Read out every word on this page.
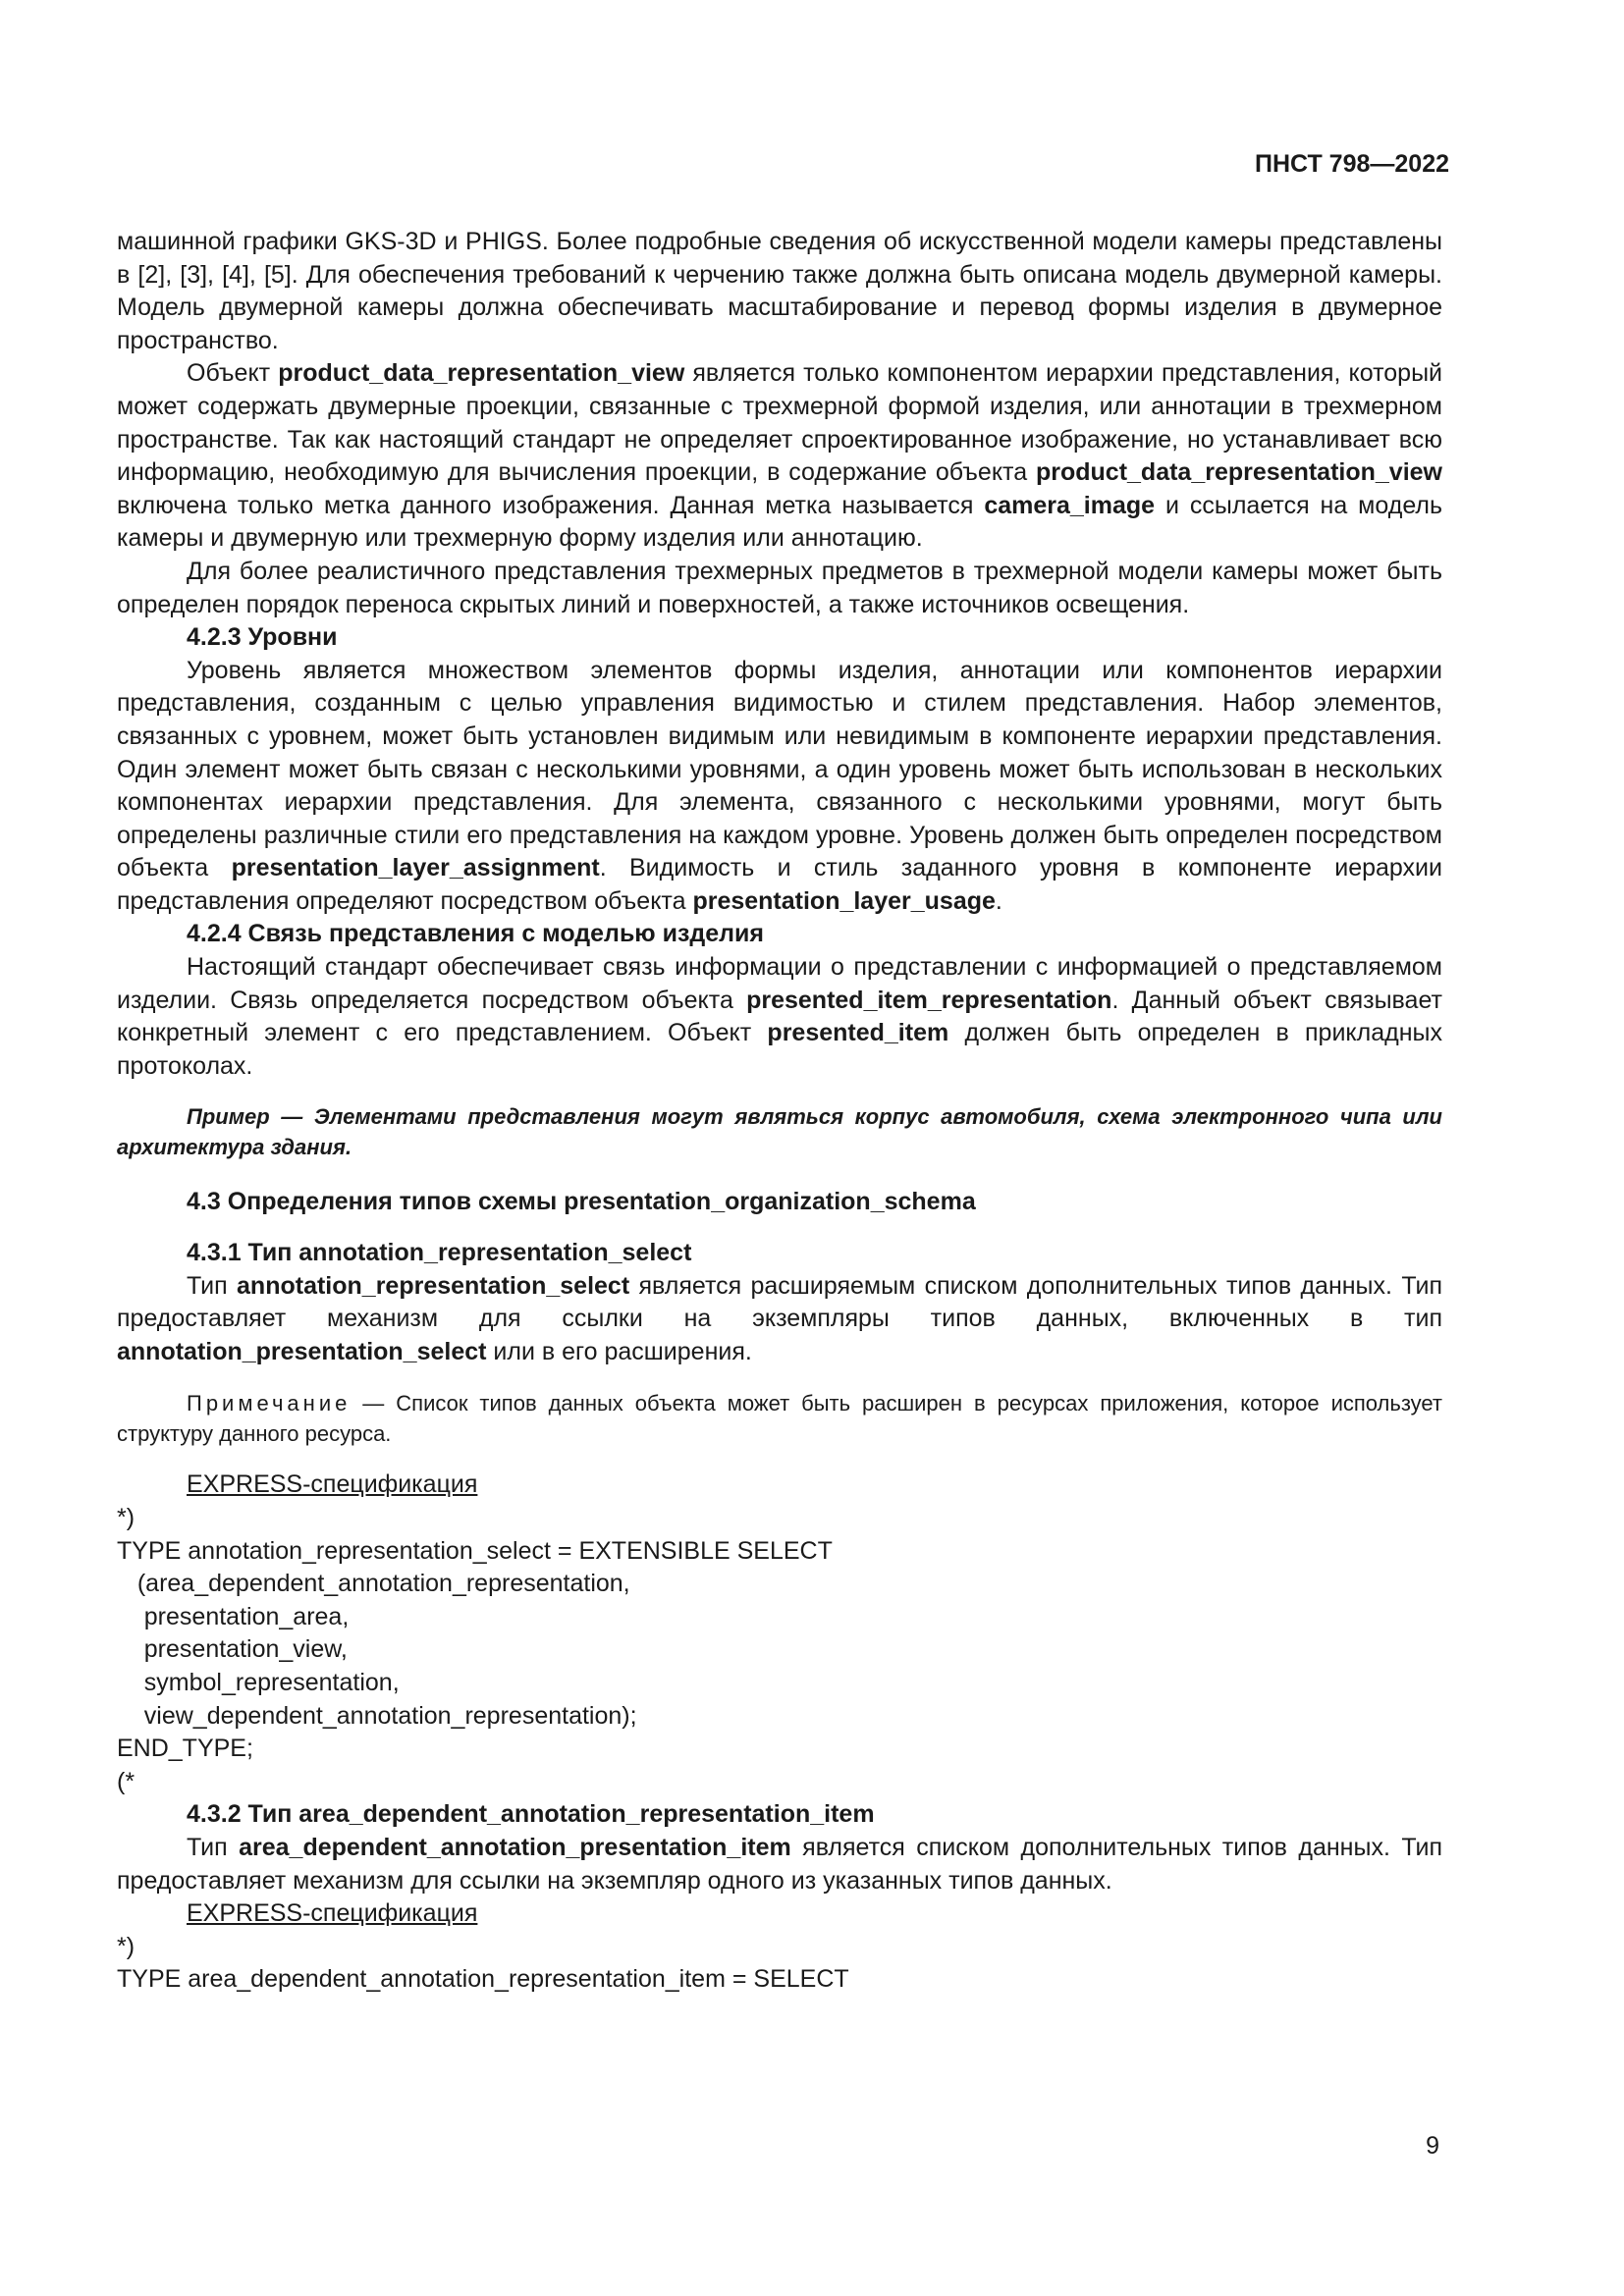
ПНСТ 798—2022

машинной графики GKS-3D и PHIGS. Более подробные сведения об искусственной модели камеры представлены в [2], [3], [4], [5]. Для обеспечения требований к черчению также должна быть описана модель двумерной камеры. Модель двумерной камеры должна обеспечивать масштабирование и перевод формы изделия в двумерное пространство.

Объект product_data_representation_view является только компонентом иерархии представления, который может содержать двумерные проекции, связанные с трехмерной формой изделия, или аннотации в трехмерном пространстве. Так как настоящий стандарт не определяет спроектированное изображение, но устанавливает всю информацию, необходимую для вычисления проекции, в содержание объекта product_data_representation_view включена только метка данного изображения. Данная метка называется camera_image и ссылается на модель камеры и двумерную или трехмерную форму изделия или аннотацию.

Для более реалистичного представления трехмерных предметов в трехмерной модели камеры может быть определен порядок переноса скрытых линий и поверхностей, а также источников освещения.

4.2.3 Уровни

Уровень является множеством элементов формы изделия, аннотации или компонентов иерархии представления, созданным с целью управления видимостью и стилем представления. Набор элементов, связанных с уровнем, может быть установлен видимым или невидимым в компоненте иерархии представления. Один элемент может быть связан с несколькими уровнями, а один уровень может быть использован в нескольких компонентах иерархии представления. Для элемента, связанного с несколькими уровнями, могут быть определены различные стили его представления на каждом уровне. Уровень должен быть определен посредством объекта presentation_layer_assignment. Видимость и стиль заданного уровня в компоненте иерархии представления определяют посредством объекта presentation_layer_usage.

4.2.4 Связь представления с моделью изделия

Настоящий стандарт обеспечивает связь информации о представлении с информацией о представляемом изделии. Связь определяется посредством объекта presented_item_representation. Данный объект связывает конкретный элемент с его представлением. Объект presented_item должен быть определен в прикладных протоколах.

Пример — Элементами представления могут являться корпус автомобиля, схема электронного чипа или архитектура здания.

4.3 Определения типов схемы presentation_organization_schema

4.3.1 Тип annotation_representation_select

Тип annotation_representation_select является расширяемым списком дополнительных типов данных. Тип предоставляет механизм для ссылки на экземпляры типов данных, включенных в тип annotation_presentation_select или в его расширения.

Примечание — Список типов данных объекта может быть расширен в ресурсах приложения, которое использует структуру данного ресурса.

EXPRESS-спецификация

*)
TYPE annotation_representation_select = EXTENSIBLE SELECT
(area_dependent_annotation_representation,
presentation_area,
presentation_view,
symbol_representation,
view_dependent_annotation_representation);
END_TYPE;
(*

4.3.2 Тип area_dependent_annotation_representation_item

Тип area_dependent_annotation_presentation_item является списком дополнительных типов данных. Тип предоставляет механизм для ссылки на экземпляр одного из указанных типов данных.

EXPRESS-спецификация

*)
TYPE area_dependent_annotation_representation_item = SELECT
9
